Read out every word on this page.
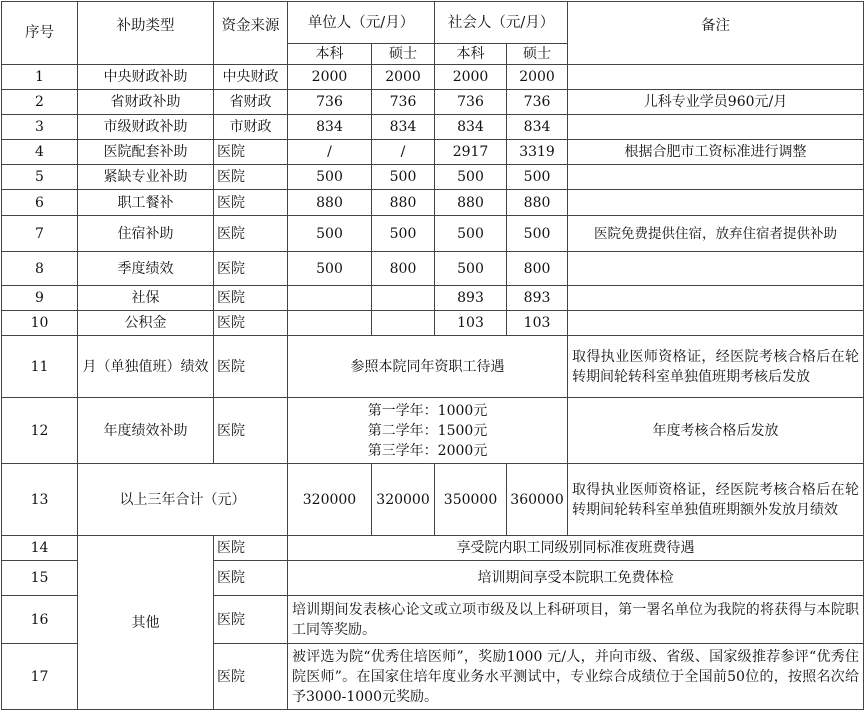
序号	补助类型	资金来源	单位人（元/月）		社会人（元/月）		备注
			本科	硕士	本科	硕士	
1	中央财政补助	中央财政	2000	2000	2000	2000	
2	省财政补助	省财政	736	736	736	736	儿科专业学员960元/月
3	市级财政补助	市财政	834	834	834	834	
4	医院配套补助	医院	/	/	2917	3319	根据合肥市工资标准进行调整
5	紧缺专业补助	医院	500	500	500	500	
6	职工餐补	医院	880	880	880	880	
7	住宿补助	医院	500	500	500	500	医院免费提供住宿，放弃住宿者提供补助
8	季度绩效	医院	500	800	500	800	
9	社保	医院			893	893	
10	公积金	医院			103	103	
11	月（单独值班）绩效	医院	参照本院同年资职工待遇				取得执业医师资格证，经医院考核合格后在轮转期间轮转科室单独值班期考核后发放
12	年度绩效补助	医院	第一学年：1000元
第二学年：1500元
第三学年：2000元				年度考核合格后发放
13	以上三年合计（元）		320000	320000	350000	360000	取得执业医师资格证，经医院考核合格后在轮转期间轮转科室单独值班期额外发放月绩效
14	其他	医院	享受院内职工同级别同标准夜班费待遇				
15		医院	培训期间享受本院职工免费体检				
16		医院	培训期间发表核心论文或立项市级及以上科研项目，第一署名单位为我院的将获得与本院职工同等奖励。				
17		医院	被评选为院“优秀住培医师”，奖励1000 元/人，并向市级、省级、国家级推荐参评“优秀住院医师”。在国家住培年度业务水平测试中，专业综合成绩位于全国前50位的，按照名次给予3000-1000元奖励。				
